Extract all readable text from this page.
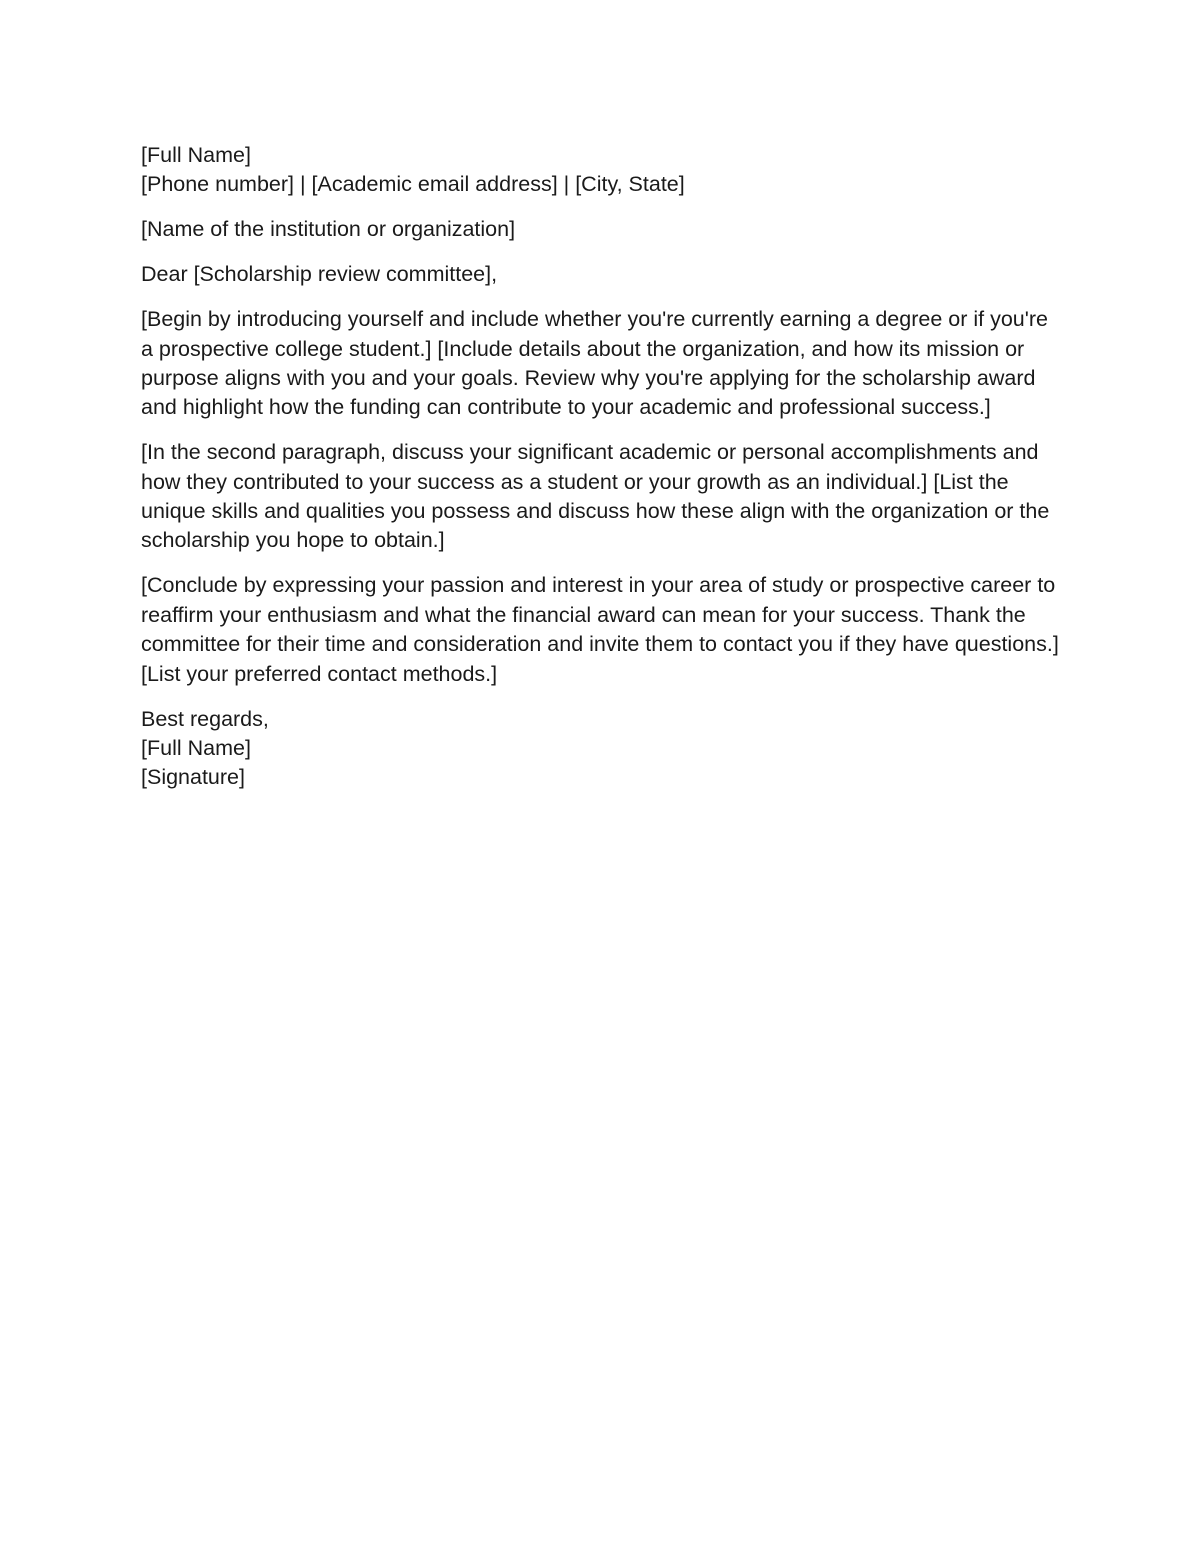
[Full Name]
[Phone number] | [Academic email address] | [City, State]
[Name of the institution or organization]
Dear [Scholarship review committee],

[Begin by introducing yourself and include whether you're currently earning a degree or if you're a prospective college student.] [Include details about the organization, and how its mission or purpose aligns with you and your goals. Review why you're applying for the scholarship award and highlight how the funding can contribute to your academic and professional success.]

[In the second paragraph, discuss your significant academic or personal accomplishments and how they contributed to your success as a student or your growth as an individual.] [List the unique skills and qualities you possess and discuss how these align with the organization or the scholarship you hope to obtain.]

[Conclude by expressing your passion and interest in your area of study or prospective career to reaffirm your enthusiasm and what the financial award can mean for your success. Thank the committee for their time and consideration and invite them to contact you if they have questions.] [List your preferred contact methods.]

Best regards,
[Full Name]
[Signature]
